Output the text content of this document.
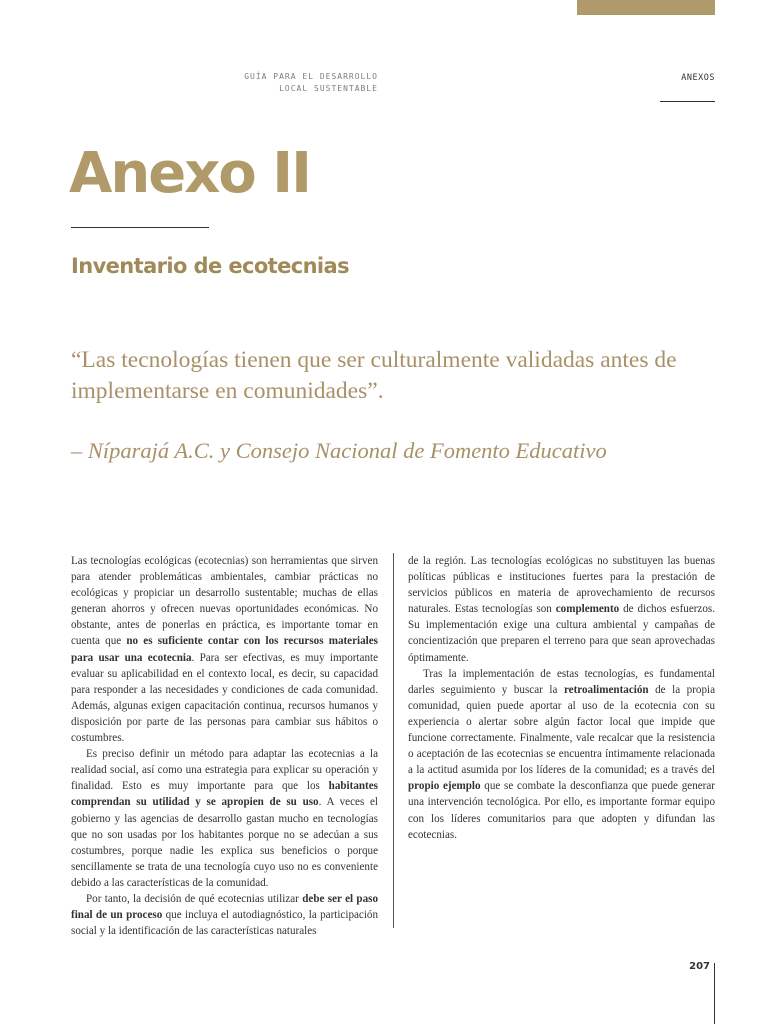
GUÍA PARA EL DESARROLLO
LOCAL SUSTENTABLE
ANEXOS
Anexo II
Inventario de ecotecnias
“Las tecnologías tienen que ser culturalmente validadas antes de implementarse en comunidades”.
– Níparajá A.C. y Consejo Nacional de Fomento Educativo

Las tecnologías ecológicas (ecotecnias) son herramientas que sirven para atender problemáticas ambientales, cambiar prácticas no ecológicas y propiciar un desarrollo sustentable; muchas de ellas generan ahorros y ofrecen nuevas oportunidades económicas. No obstante, antes de ponerlas en práctica, es importante tomar en cuenta que no es suficiente contar con los recursos materiales para usar una ecotecnia. Para ser efectivas, es muy importante evaluar su aplicabilidad en el contexto local, es decir, su capacidad para responder a las necesidades y condiciones de cada comunidad. Además, algunas exigen capacitación continua, recursos humanos y disposición por parte de las personas para cambiar sus hábitos o costumbres.

Es preciso definir un método para adaptar las ecotecnias a la realidad social, así como una estrategia para explicar su operación y finalidad. Esto es muy importante para que los habitantes comprendan su utilidad y se apropien de su uso. A veces el gobierno y las agencias de desarrollo gastan mucho en tecnologías que no son usadas por los habitantes porque no se adecúan a sus costumbres, porque nadie les explica sus beneficios o porque sencillamente se trata de una tecnología cuyo uso no es conveniente debido a las características de la comunidad.

Por tanto, la decisión de qué ecotecnias utilizar debe ser el paso final de un proceso que incluya el autodiagnóstico, la participación social y la identificación de las características naturales

de la región. Las tecnologías ecológicas no substituyen las buenas políticas públicas e instituciones fuertes para la prestación de servicios públicos en materia de aprovechamiento de recursos naturales. Estas tecnologías son complemento de dichos esfuerzos. Su implementación exige una cultura ambiental y campañas de concientización que preparen el terreno para que sean aprovechadas óptimamente.

Tras la implementación de estas tecnologías, es fundamental darles seguimiento y buscar la retroalimentación de la propia comunidad, quien puede aportar al uso de la ecotecnia con su experiencia o alertar sobre algún factor local que impide que funcione correctamente. Finalmente, vale recalcar que la resistencia o aceptación de las ecotecnias se encuentra íntimamente relacionada a la actitud asumida por los líderes de la comunidad; es a través del propio ejemplo que se combate la desconfianza que puede generar una intervención tecnológica. Por ello, es importante formar equipo con los líderes comunitarios para que adopten y difundan las ecotecnias.

207
